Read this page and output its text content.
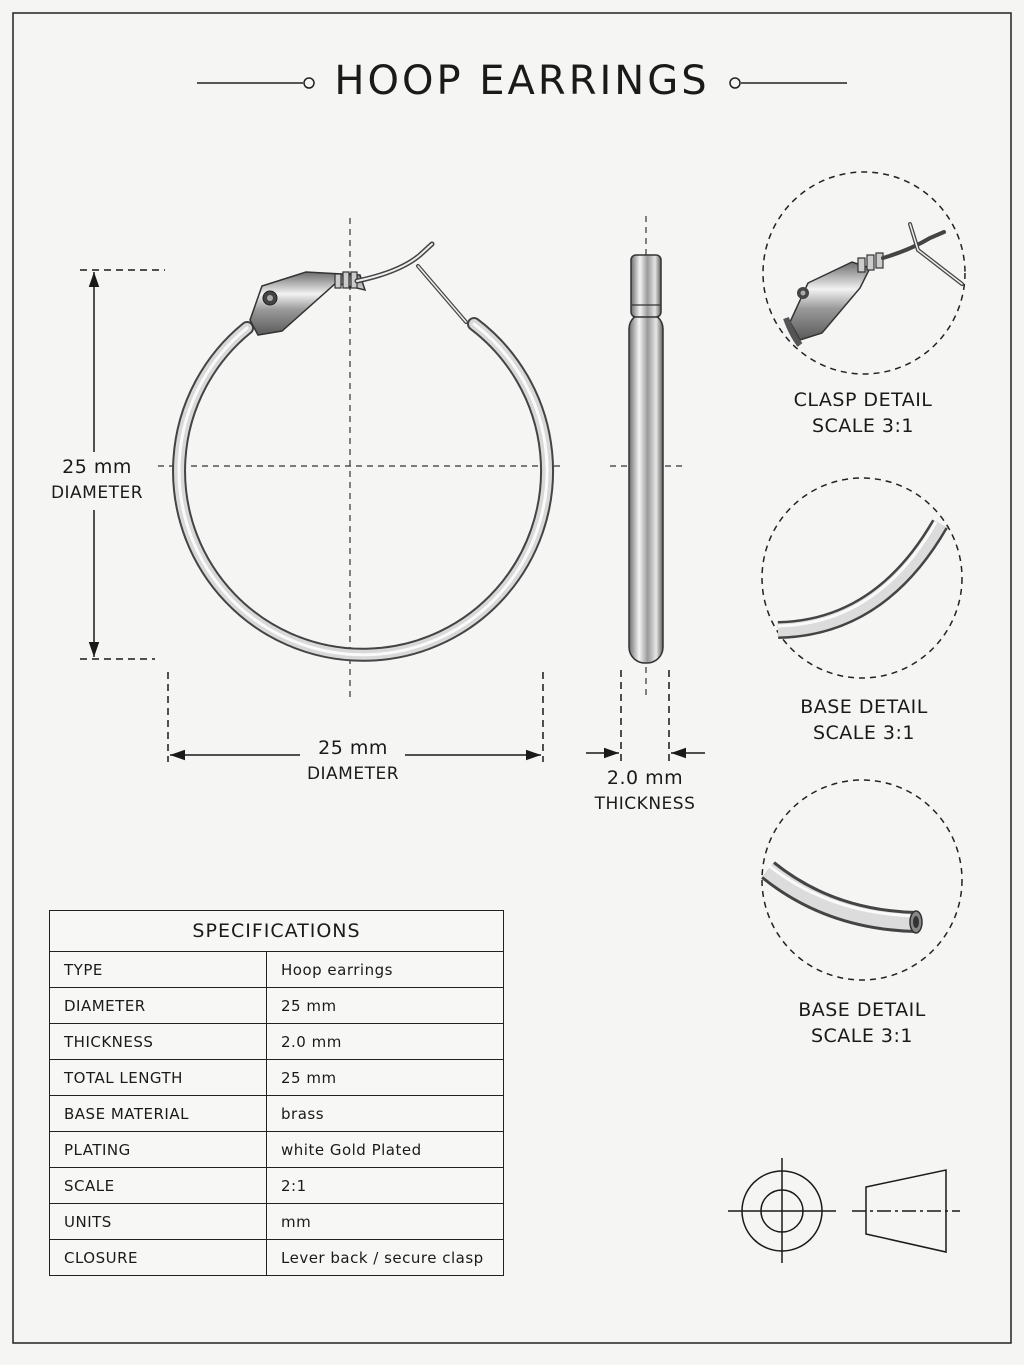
HOOP EARRINGS
25 mm
DIAMETER
25 mm
DIAMETER	2.0 mm
THICKNESS
CLASP DETAIL
SCALE 3:1
BASE DETAIL
SCALE 3:1
BASE DETAIL
SCALE 3:1
SPECIFICATIONS	
TYPE	Hoop earrings
DIAMETER	25 mm
THICKNESS	2.0 mm
TOTAL LENGTH	25 mm
BASE MATERIAL	brass
PLATING	white Gold Plated
SCALE	2:1
UNITS	mm
CLOSURE	Lever back / secure clasp
